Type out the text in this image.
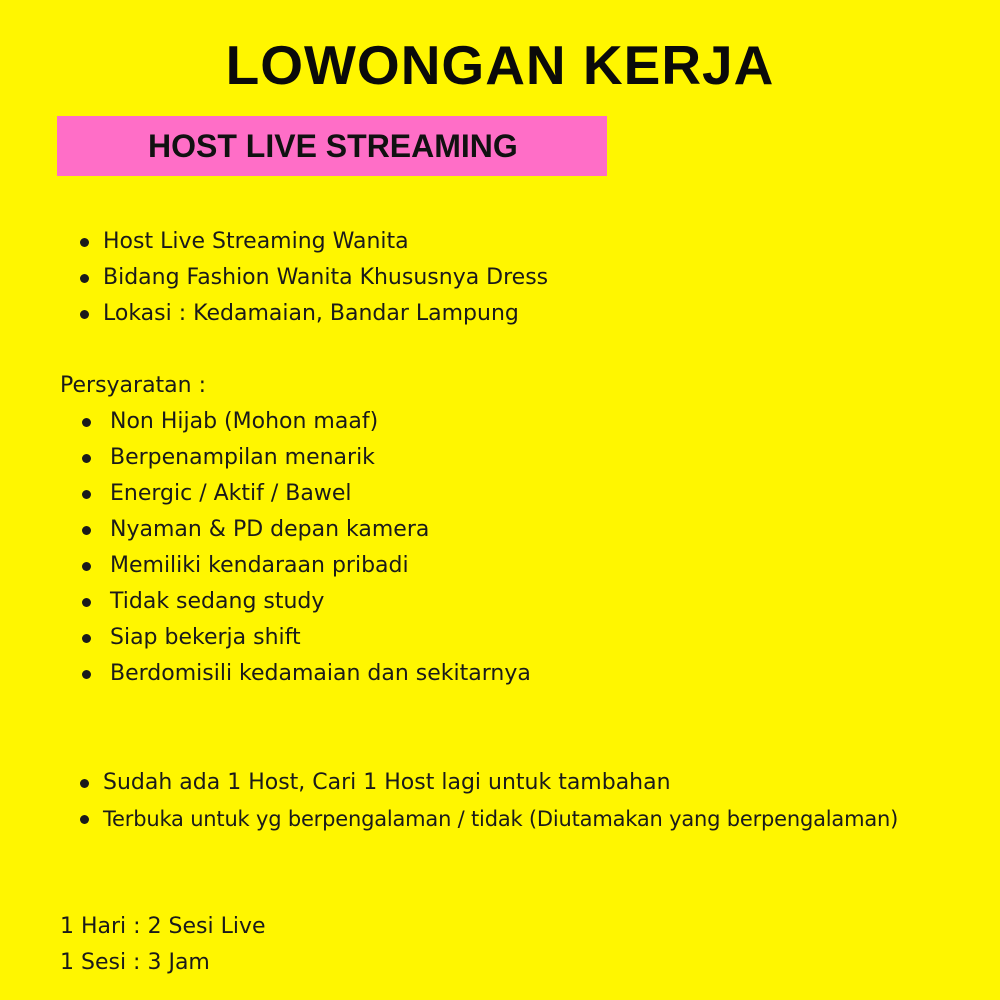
LOWONGAN KERJA
HOST LIVE STREAMING
Host Live Streaming Wanita
Bidang Fashion Wanita Khususnya Dress
Lokasi : Kedamaian, Bandar Lampung
Persyaratan :
Non Hijab (Mohon maaf)
Berpenampilan menarik
Energic / Aktif / Bawel
Nyaman & PD depan kamera
Memiliki kendaraan pribadi
Tidak sedang study
Siap bekerja shift
Berdomisili kedamaian dan sekitarnya
Sudah ada 1 Host, Cari 1 Host lagi untuk tambahan
Terbuka untuk yg berpengalaman / tidak (Diutamakan yang berpengalaman)
1 Hari : 2 Sesi Live
1 Sesi : 3 Jam
